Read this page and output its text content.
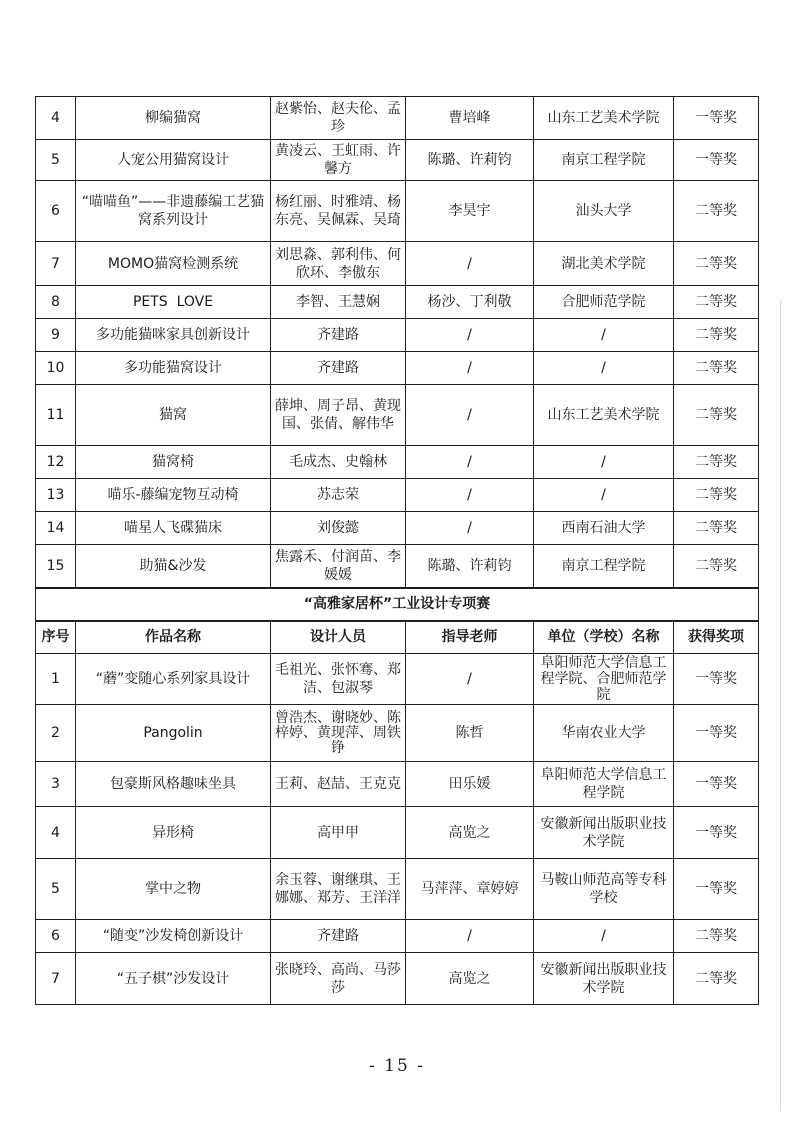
4	柳编猫窝	赵紫怡、赵夫伦、孟珍	曹培峰	山东工艺美术学院	一等奖
5	人宠公用猫窝设计	黄凌云、王虹雨、许馨方	陈璐、许莉钧	南京工程学院	一等奖
6	“喵喵鱼”——非遗藤编工艺猫窝系列设计	杨红丽、时雅靖、杨东亮、吴佩霖、吴琦	李昊宇	汕头大学	二等奖
7	MOMO猫窝检测系统	刘思淼、郭利伟、何欣环、李傲东	/	湖北美术学院	二等奖
8	PETS  LOVE	李智、王慧娴	杨沙、丁利敬	合肥师范学院	二等奖
9	多功能猫咪家具创新设计	齐建路	/	/	二等奖
10	多功能猫窝设计	齐建路	/	/	二等奖
11	猫窝	薛坤、周子昂、黄现国、张倩、解伟华	/	山东工艺美术学院	二等奖
12	猫窝椅	毛成杰、史翰林	/	/	二等奖
13	喵乐-藤编宠物互动椅	苏志荣	/	/	二等奖
14	喵星人飞碟猫床	刘俊懿	/	西南石油大学	二等奖
15	助猫&沙发	焦露禾、付润苗、李媛媛	陈璐、许莉钧	南京工程学院	二等奖
“高雅家居杯”工业设计专项赛					
序号	作品名称	设计人员	指导老师	单位（学校）名称	获得奖项
1	“蘑”变随心系列家具设计	毛祖光、张怀骞、郑洁、包淑琴	/	阜阳师范大学信息工程学院、合肥师范学院	一等奖
2	Pangolin	曾浩杰、谢晓妙、陈梓婷、黄现萍、周铁铮	陈哲	华南农业大学	一等奖
3	包豪斯风格趣味坐具	王莉、赵喆、王克克	田乐媛	阜阳师范大学信息工程学院	一等奖
4	异形椅	高甲甲	高览之	安徽新闻出版职业技术学院	一等奖
5	掌中之物	余玉蓉、谢继琪、王娜娜、郑芳、王洋洋	马萍萍、章婷婷	马鞍山师范高等专科学校	一等奖
6	“随变”沙发椅创新设计	齐建路	/	/	二等奖
7	“五子棋”沙发设计	张晓玲、高尚、马莎莎	高览之	安徽新闻出版职业技术学院	二等奖
- 15 -
